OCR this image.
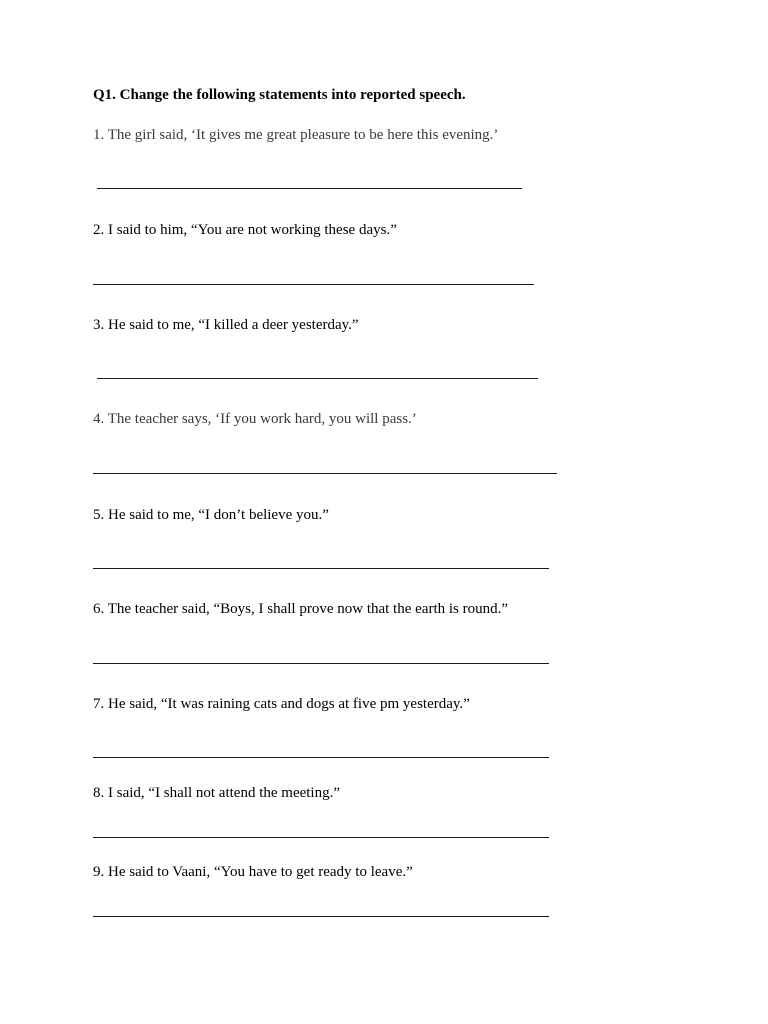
Q1. Change the following statements into reported speech.
1. The girl said, ‘It gives me great pleasure to be here this evening.’
2. I said to him, “You are not working these days.”
3. He said to me, “I killed a deer yesterday.”
4. The teacher says, ‘If you work hard, you will pass.’
5. He said to me, “I don’t believe you.”
6. The teacher said, “Boys, I shall prove now that the earth is round.”
7. He said, “It was raining cats and dogs at five pm yesterday.”
8. I said, “I shall not attend the meeting.”
9. He said to Vaani, “You have to get ready to leave.”
